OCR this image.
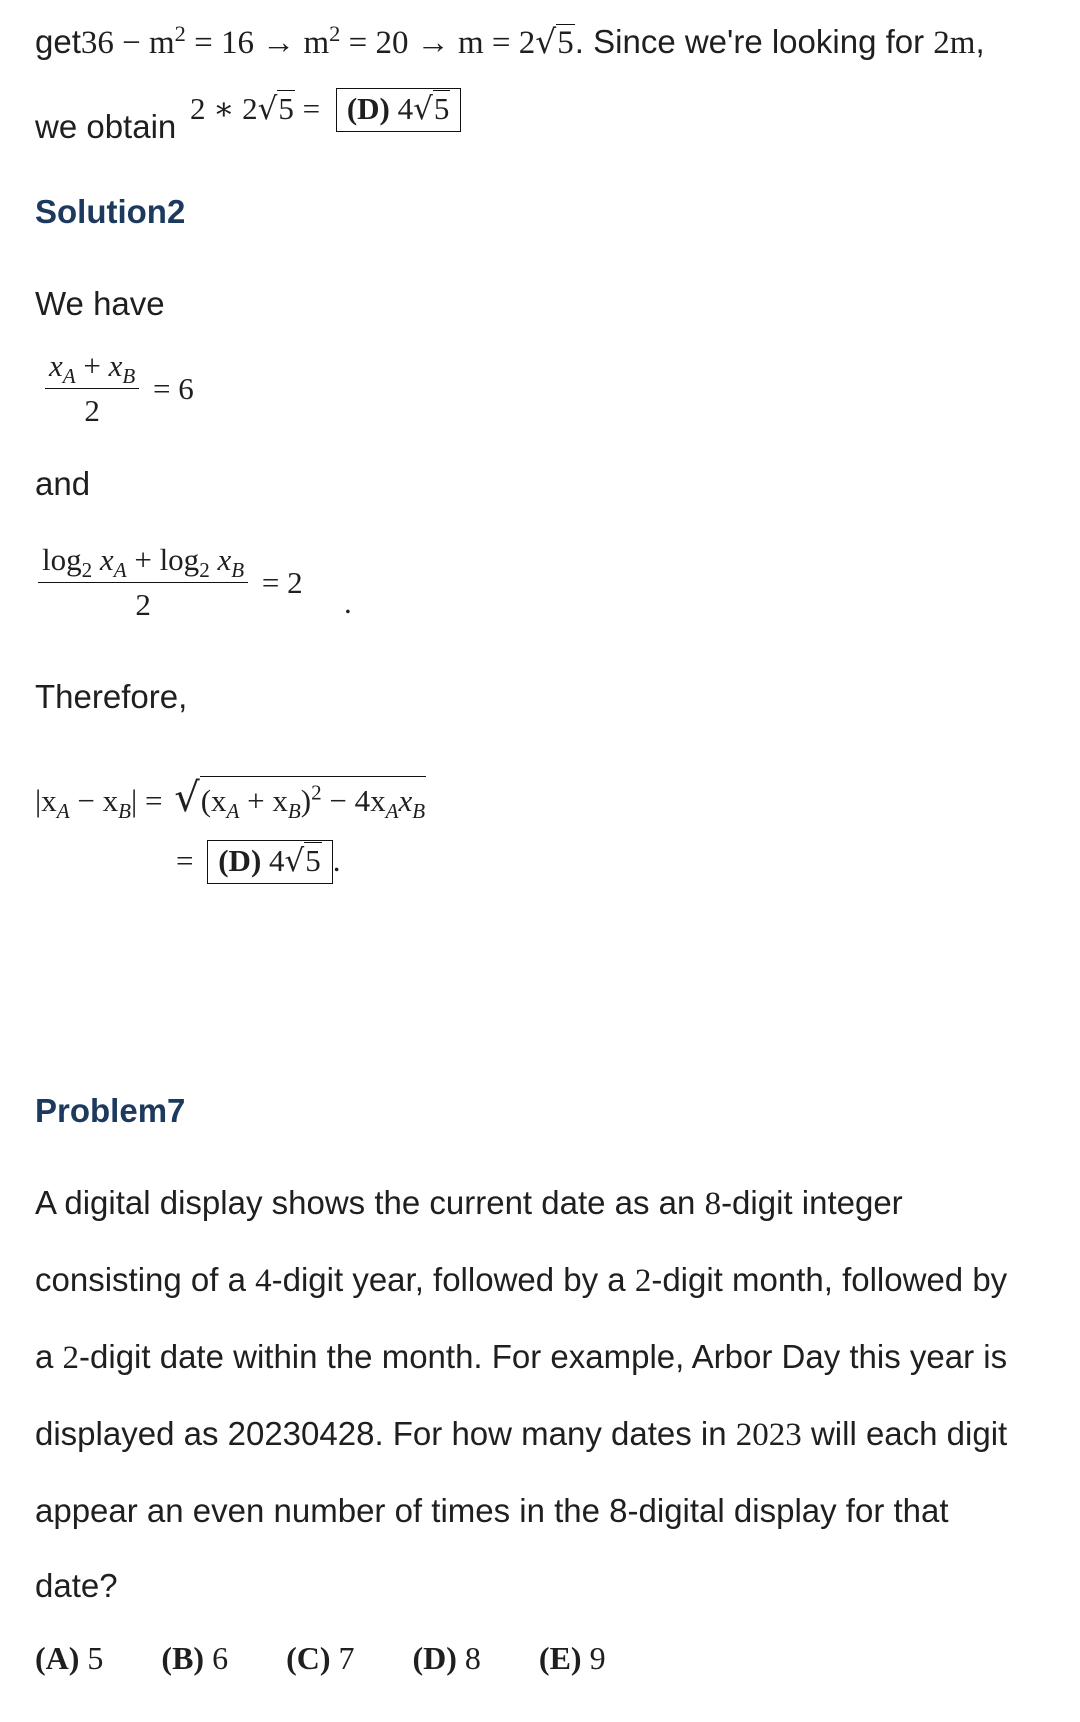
$get36 - m^2 = 16 \to m^2 = 20 \to m = 2√5$. Since we're looking for 2m,
we obtain 2 ∗ 2√5 = (D) 4√5
Solution2
We have
$\frac{x_A + x_B}{2} = 6$
and
$\frac{\log_2 x_A + \log_2 x_B}{2} = 2$
.
Therefore,
$|x_A - x_B| = √(x_A + x_B)^2 - 4x_Ax_B$
= (D) 4√5 .
Problem7
A digital display shows the current date as an 8-digit integer
consisting of a 4-digit year, followed by a 2-digit month, followed by
a 2-digit date within the month. For example, Arbor Day this year is
displayed as 20230428. For how many dates in 2023 will each digit
appear an even number of times in the 8-digital display for that
date?
(A) 5 (B) 6 (C) 7 (D) 8 (E) 9
